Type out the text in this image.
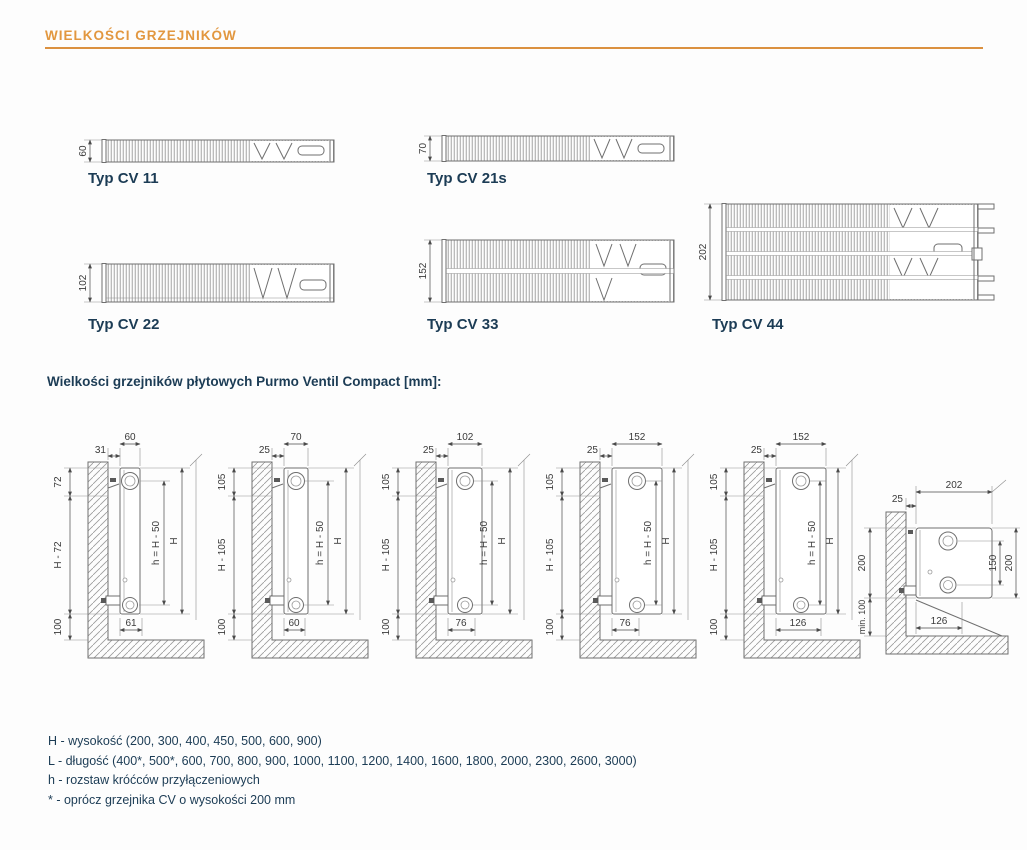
WIELKOŚCI GRZEJNIKÓW
60
Typ CV 11
70
Typ CV 21s
102
Typ CV 22
152
Typ CV 33
202
Typ CV 44
Wielkości grzejników płytowych Purmo Ventil Compact [mm]:
60
31
72
H - 72
100
h = H - 50 H
61
70
25
105
H - 105
100
h = H - 50 H
60
102
25
105
H - 105
100
h = H - 50 H
76
152
25
105
H - 105
100
h = H - 50 H
76
152
25
105
H - 105
100
h = H - 50 H
126
202
25
150 200
200
min. 100	126
H - wysokość (200, 300, 400, 450, 500, 600, 900)
L - długość (400*, 500*, 600, 700, 800, 900, 1000, 1100, 1200, 1400, 1600, 1800, 2000, 2300, 2600, 3000)
h - rozstaw króćców przyłączeniowych
* - oprócz grzejnika CV o wysokości 200 mm
